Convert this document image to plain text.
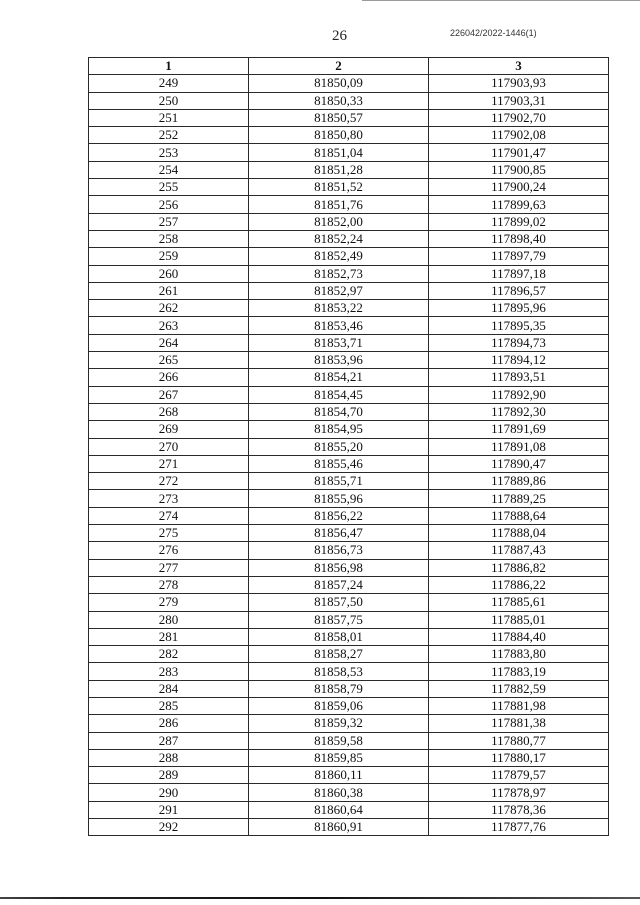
26	226042/2022-1446(1)
1	2	3
249	81850,09	117903,93
250	81850,33	117903,31
251	81850,57	117902,70
252	81850,80	117902,08
253	81851,04	117901,47
254	81851,28	117900,85
255	81851,52	117900,24
256	81851,76	117899,63
257	81852,00	117899,02
258	81852,24	117898,40
259	81852,49	117897,79
260	81852,73	117897,18
261	81852,97	117896,57
262	81853,22	117895,96
263	81853,46	117895,35
264	81853,71	117894,73
265	81853,96	117894,12
266	81854,21	117893,51
267	81854,45	117892,90
268	81854,70	117892,30
269	81854,95	117891,69
270	81855,20	117891,08
271	81855,46	117890,47
272	81855,71	117889,86
273	81855,96	117889,25
274	81856,22	117888,64
275	81856,47	117888,04
276	81856,73	117887,43
277	81856,98	117886,82
278	81857,24	117886,22
279	81857,50	117885,61
280	81857,75	117885,01
281	81858,01	117884,40
282	81858,27	117883,80
283	81858,53	117883,19
284	81858,79	117882,59
285	81859,06	117881,98
286	81859,32	117881,38
287	81859,58	117880,77
288	81859,85	117880,17
289	81860,11	117879,57
290	81860,38	117878,97
291	81860,64	117878,36
292	81860,91	117877,76
